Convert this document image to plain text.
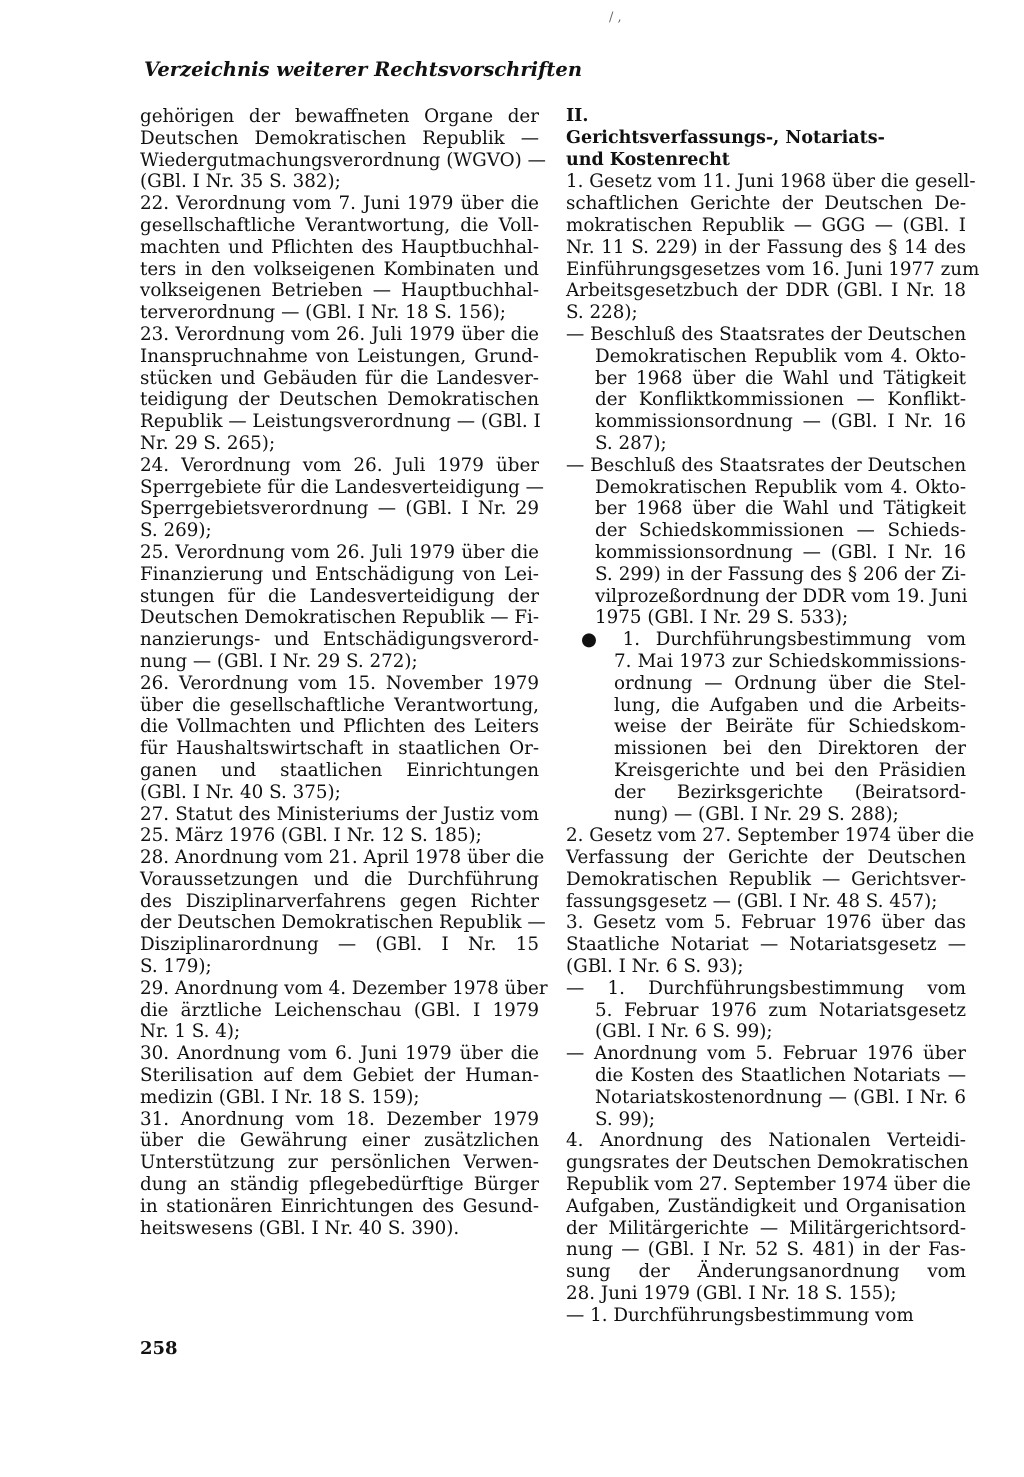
/ ,
Verzeichnis weiterer Rechtsvorschriften
gehörigen der bewaffneten Organe der
Deutschen Demokratischen Republik —
Wiedergutmachungsverordnung (WGVO) —
(GBl. I Nr. 35 S. 382);
22. Verordnung vom 7. Juni 1979 über die
gesellschaftliche Verantwortung, die Voll-
machten und Pflichten des Hauptbuchhal-
ters in den volkseigenen Kombinaten und
volkseigenen Betrieben — Hauptbuchhal-
terverordnung — (GBl. I Nr. 18 S. 156);
23. Verordnung vom 26. Juli 1979 über die
Inanspruchnahme von Leistungen, Grund-
stücken und Gebäuden für die Landesver-
teidigung der Deutschen Demokratischen
Republik — Leistungsverordnung — (GBl. I
Nr. 29 S. 265);
24. Verordnung vom 26. Juli 1979 über
Sperrgebiete für die Landesverteidigung —
Sperrgebietsverordnung — (GBl. I Nr. 29
S. 269);
25. Verordnung vom 26. Juli 1979 über die
Finanzierung und Entschädigung von Lei-
stungen für die Landesverteidigung der
Deutschen Demokratischen Republik — Fi-
nanzierungs- und Entschädigungsverord-
nung — (GBl. I Nr. 29 S. 272);
26. Verordnung vom 15. November 1979
über die gesellschaftliche Verantwortung,
die Vollmachten und Pflichten des Leiters
für Haushaltswirtschaft in staatlichen Or-
ganen und staatlichen Einrichtungen
(GBl. I Nr. 40 S. 375);
27. Statut des Ministeriums der Justiz vom
25. März 1976 (GBl. I Nr. 12 S. 185);
28. Anordnung vom 21. April 1978 über die
Voraussetzungen und die Durchführung
des Disziplinarverfahrens gegen Richter
der Deutschen Demokratischen Republik —
Disziplinarordnung — (GBl. I Nr. 15
S. 179);
29. Anordnung vom 4. Dezember 1978 über
die ärztliche Leichenschau (GBl. I 1979
Nr. 1 S. 4);
30. Anordnung vom 6. Juni 1979 über die
Sterilisation auf dem Gebiet der Human-
medizin (GBl. I Nr. 18 S. 159);
31. Anordnung vom 18. Dezember 1979
über die Gewährung einer zusätzlichen
Unterstützung zur persönlichen Verwen-
dung an ständig pflegebedürftige Bürger
in stationären Einrichtungen des Gesund-
heitswesens (GBl. I Nr. 40 S. 390).
II.
Gerichtsverfassungs-, Notariats-
und Kostenrecht
1. Gesetz vom 11. Juni 1968 über die gesell-
schaftlichen Gerichte der Deutschen De-
mokratischen Republik — GGG — (GBl. I
Nr. 11 S. 229) in der Fassung des § 14 des
Einführungsgesetzes vom 16. Juni 1977 zum
Arbeitsgesetzbuch der DDR (GBl. I Nr. 18
S. 228);
— Beschluß des Staatsrates der Deutschen
Demokratischen Republik vom 4. Okto-
ber 1968 über die Wahl und Tätigkeit
der Konfliktkommissionen — Konflikt-
kommissionsordnung — (GBl. I Nr. 16
S. 287);
— Beschluß des Staatsrates der Deutschen
Demokratischen Republik vom 4. Okto-
ber 1968 über die Wahl und Tätigkeit
der Schiedskommissionen — Schieds-
kommissionsordnung — (GBl. I Nr. 16
S. 299) in der Fassung des § 206 der Zi-
vilprozeßordnung der DDR vom 19. Juni
1975 (GBl. I Nr. 29 S. 533);
● 1. Durchführungsbestimmung vom
7. Mai 1973 zur Schiedskommissions-
ordnung — Ordnung über die Stel-
lung, die Aufgaben und die Arbeits-
weise der Beiräte für Schiedskom-
missionen bei den Direktoren der
Kreisgerichte und bei den Präsidien
der Bezirksgerichte (Beiratsord-
nung) — (GBl. I Nr. 29 S. 288);
2. Gesetz vom 27. September 1974 über die
Verfassung der Gerichte der Deutschen
Demokratischen Republik — Gerichtsver-
fassungsgesetz — (GBl. I Nr. 48 S. 457);
3. Gesetz vom 5. Februar 1976 über das
Staatliche Notariat — Notariatsgesetz —
(GBl. I Nr. 6 S. 93);
— 1. Durchführungsbestimmung vom
5. Februar 1976 zum Notariatsgesetz
(GBl. I Nr. 6 S. 99);
— Anordnung vom 5. Februar 1976 über
die Kosten des Staatlichen Notariats —
Notariatskostenordnung — (GBl. I Nr. 6
S. 99);
4. Anordnung des Nationalen Verteidi-
gungsrates der Deutschen Demokratischen
Republik vom 27. September 1974 über die
Aufgaben, Zuständigkeit und Organisation
der Militärgerichte — Militärgerichtsord-
nung — (GBl. I Nr. 52 S. 481) in der Fas-
sung der Änderungsanordnung vom
28. Juni 1979 (GBl. I Nr. 18 S. 155);
— 1. Durchführungsbestimmung vom
258
